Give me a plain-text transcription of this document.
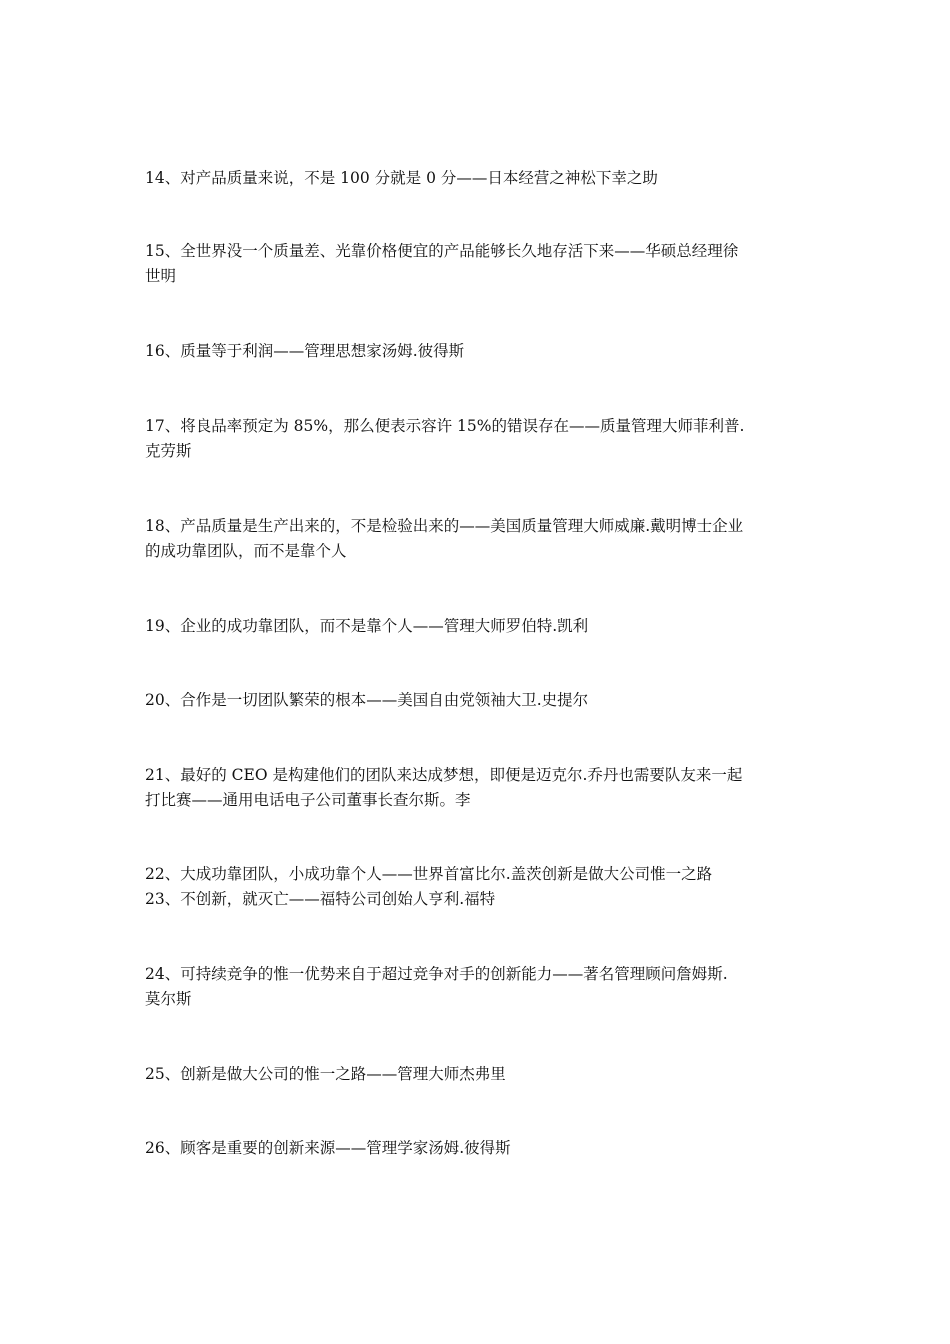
14、对产品质量来说，不是 100 分就是 0 分——日本经营之神松下幸之助

15、全世界没一个质量差、光靠价格便宜的产品能够长久地存活下来——华硕总经理徐

世明

16、质量等于利润——管理思想家汤姆.彼得斯

17、将良品率预定为 85%，那么便表示容许 15%的错误存在——质量管理大师菲利普.

克劳斯

18、产品质量是生产出来的，不是检验出来的——美国质量管理大师威廉.戴明博士企业

的成功靠团队，而不是靠个人

19、企业的成功靠团队，而不是靠个人——管理大师罗伯特.凯利

20、合作是一切团队繁荣的根本——美国自由党领袖大卫.史提尔

21、最好的 CEO 是构建他们的团队来达成梦想，即便是迈克尔.乔丹也需要队友来一起

打比赛——通用电话电子公司董事长查尔斯。李

22、大成功靠团队，小成功靠个人——世界首富比尔.盖茨创新是做大公司惟一之路

23、不创新，就灭亡——福特公司创始人亨利.福特

24、可持续竞争的惟一优势来自于超过竞争对手的创新能力——著名管理顾问詹姆斯.

莫尔斯

25、创新是做大公司的惟一之路——管理大师杰弗里

26、顾客是重要的创新来源——管理学家汤姆.彼得斯
